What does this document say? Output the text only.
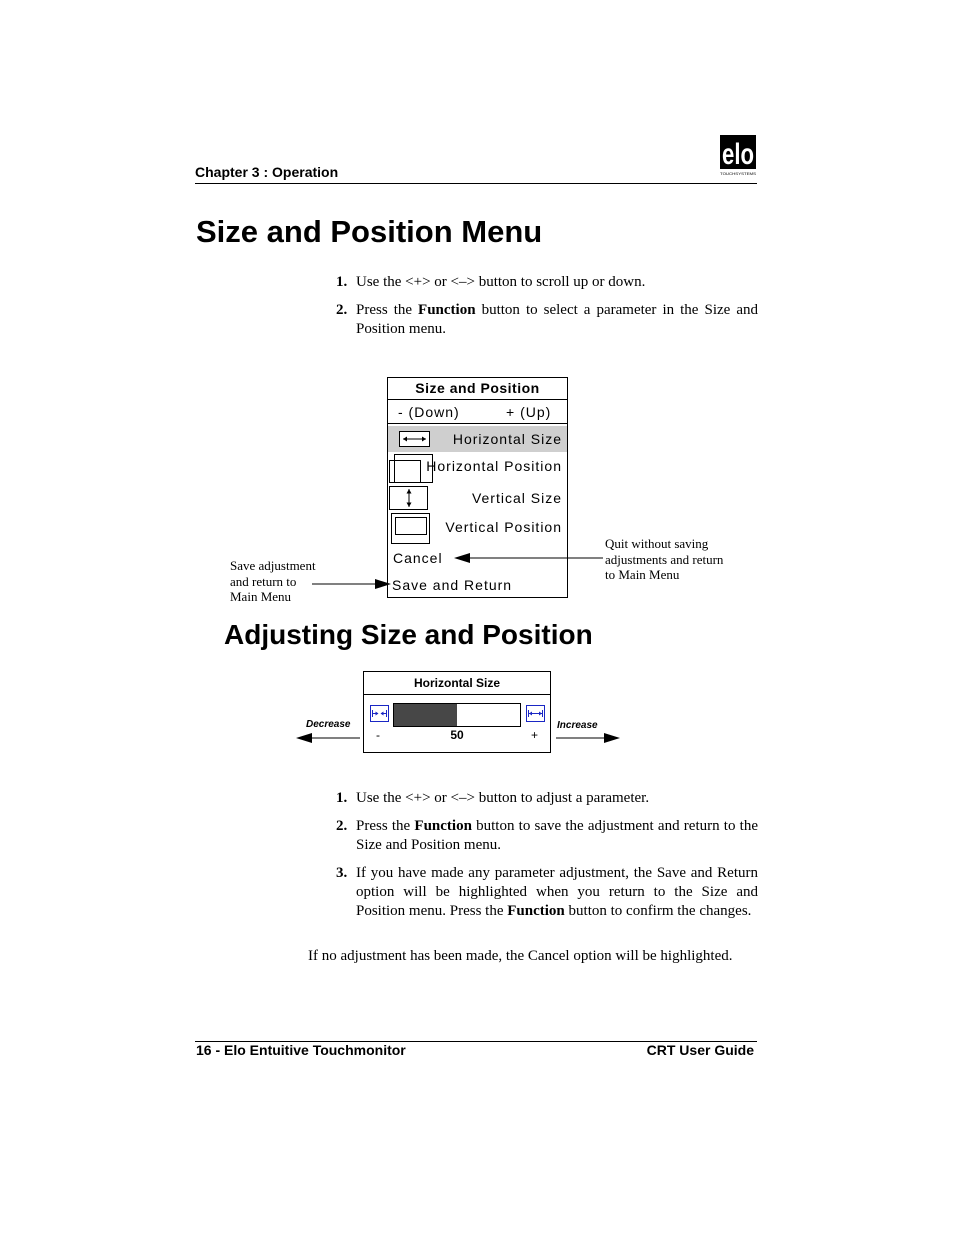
Chapter 3 : Operation
elo
TOUCHSYSTEMS
Size and Position Menu
1. Use the <+> or <–> button to scroll up or down.
2. Press the Function button to select a parameter in the Size and Position menu.
Size and Position
- (Down)	+ (Up)
Horizontal Size
Horizontal Position
Vertical Size
Vertical Position
Cancel
Save and Return
Save adjustment
and return to
Main Menu
Quit without saving
adjustments and return
to Main Menu
Adjusting Size and Position
Horizontal Size
-	50	+
Decrease	Increase
1. Use the <+> or <–> button to adjust a parameter.
2. Press the Function button to save the adjustment and return to the Size and Position menu.
3. If you have made any parameter adjustment, the Save and Return option will be highlighted when you return to the Size and Position menu. Press the Function button to confirm the changes.
If no adjustment has been made, the Cancel option will be highlighted.
16 - Elo Entuitive Touchmonitor	CRT User Guide
